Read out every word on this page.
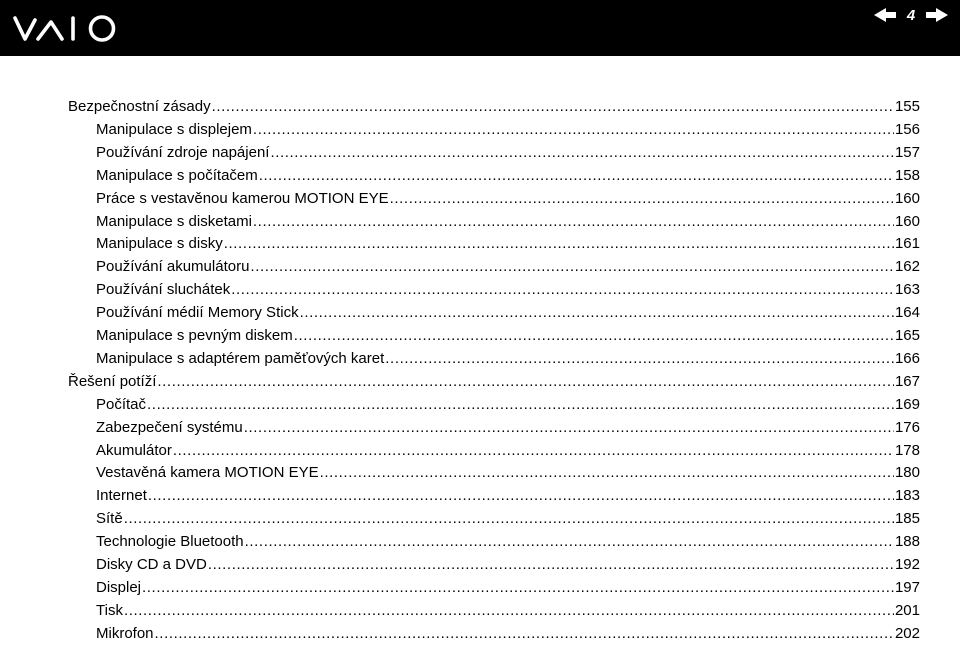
4
Bezpečnostní zásady .....	155
Manipulace s displejem .....	156
Používání zdroje napájení .....	157
Manipulace s počítačem .....	158
Práce s vestavěnou kamerou MOTION EYE .....	160
Manipulace s disketami .....	160
Manipulace s disky .....	161
Používání akumulátoru .....	162
Používání sluchátek .....	163
Používání médií Memory Stick .....	164
Manipulace s pevným diskem .....	165
Manipulace s adaptérem paměťových karet .....	166
Řešení potíží .....	167
Počítač .....	169
Zabezpečení systému .....	176
Akumulátor .....	178
Vestavěná kamera MOTION EYE .....	180
Internet .....	183
Sítě .....	185
Technologie Bluetooth .....	188
Disky CD a DVD .....	192
Displej .....	197
Tisk .....	201
Mikrofon .....	202
